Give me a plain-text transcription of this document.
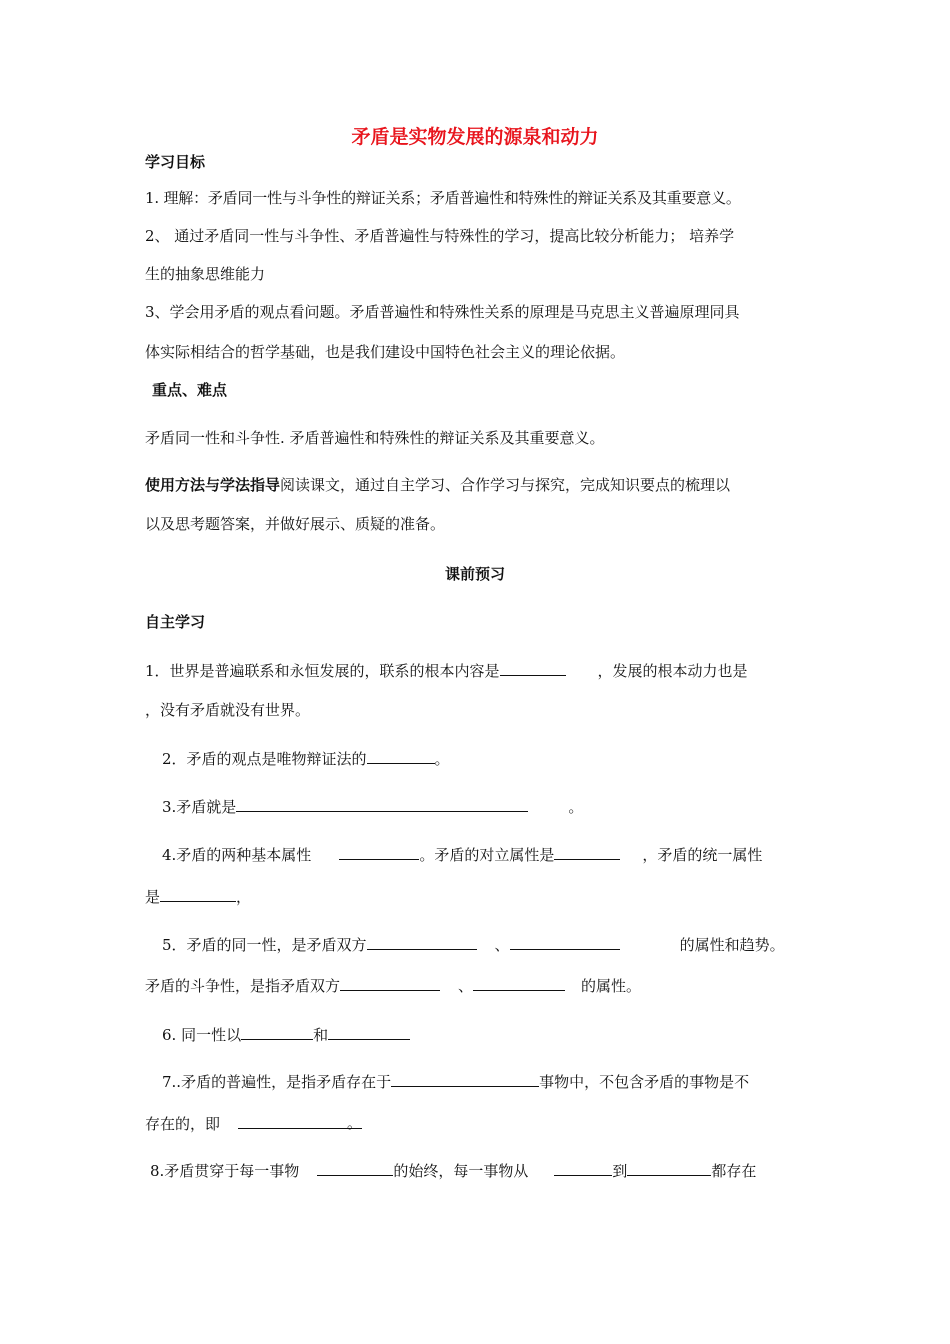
矛盾是实物发展的源泉和动力
学习目标
1. 理解：矛盾同一性与斗争性的辩证关系；矛盾普遍性和特殊性的辩证关系及其重要意义。
2、 通过矛盾同一性与斗争性、矛盾普遍性与特殊性的学习，提高比较分析能力； 培养学
生的抽象思维能力
3、学会用矛盾的观点看问题。矛盾普遍性和特殊性关系的原理是马克思主义普遍原理同具
体实际相结合的哲学基础，也是我们建设中国特色社会主义的理论依据。
重点、难点
矛盾同一性和斗争性. 矛盾普遍性和特殊性的辩证关系及其重要意义。
使用方法与学法指导阅读课文，通过自主学习、合作学习与探究，完成知识要点的梳理以
以及思考题答案，并做好展示、质疑的准备。
课前预习
自主学习
1．世界是普遍联系和永恒发展的，联系的根本内容是	，发展的根本动力也是
，没有矛盾就没有世界。
2．矛盾的观点是唯物辩证法的	。
3.矛盾就是	。
4.矛盾的两种基本属性	。矛盾的对立属性是	，矛盾的统一属性
是	，
5．矛盾的同一性，是矛盾双方	、	的属性和趋势。
矛盾的斗争性，是指矛盾双方	、	的属性。
6. 同一性以	和
7..矛盾的普遍性，是指矛盾存在于	事物中，不包含矛盾的事物是不
存在的，即	。
8.矛盾贯穿于每一事物	的始终，每一事物从	到	都存在
